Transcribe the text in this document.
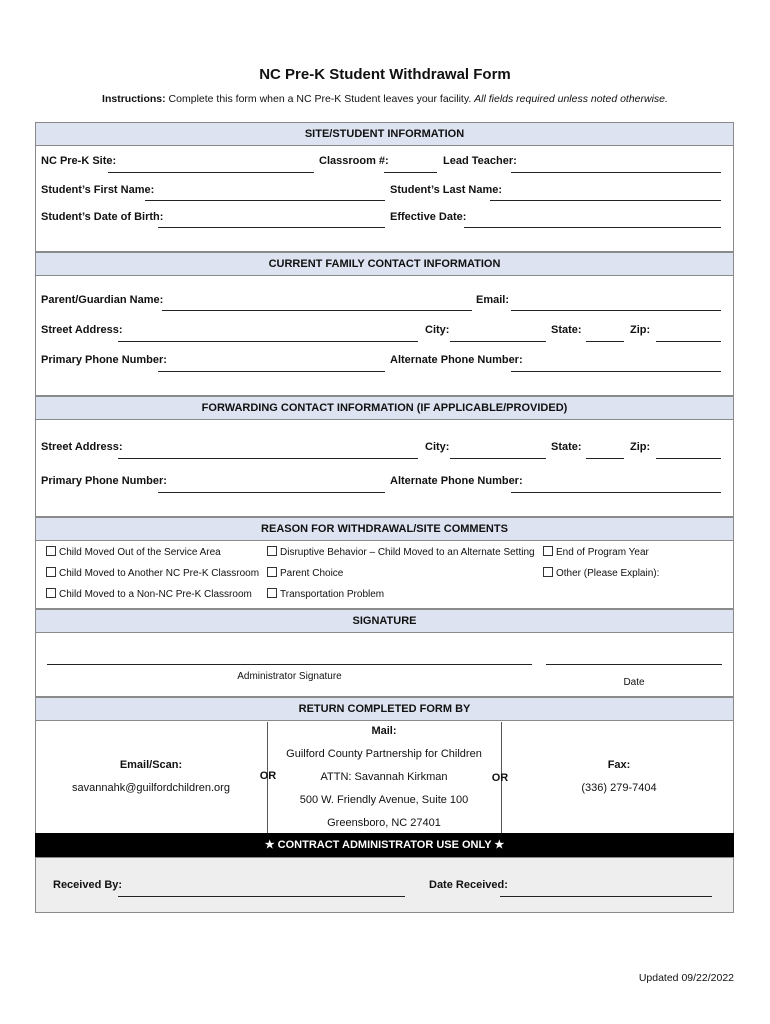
NC Pre-K Student Withdrawal Form
Instructions: Complete this form when a NC Pre-K Student leaves your facility. All fields required unless noted otherwise.
SITE/STUDENT INFORMATION
NC Pre-K Site:	Classroom #:	Lead Teacher:
Student’s First Name:	Student’s Last Name:
Student’s Date of Birth:	Effective Date:
CURRENT FAMILY CONTACT INFORMATION
Parent/Guardian Name:	Email:
Street Address:	City:	State:	Zip:
Primary Phone Number:	Alternate Phone Number:
FORWARDING CONTACT INFORMATION (IF APPLICABLE/PROVIDED)
Street Address:	City:	State:	Zip:
Primary Phone Number:	Alternate Phone Number:
REASON FOR WITHDRAWAL/SITE COMMENTS
Child Moved Out of the Service Area
Child Moved to Another NC Pre-K Classroom
Child Moved to a Non-NC Pre-K Classroom
Disruptive Behavior – Child Moved to an Alternate Setting
Parent Choice
Transportation Problem
End of Program Year
Other (Please Explain):
SIGNATURE
Administrator Signature
Date
RETURN COMPLETED FORM BY
Email/Scan:
savannahk@guilfordchildren.org
OR
Mail:
Guilford County Partnership for Children
ATTN: Savannah Kirkman
500 W. Friendly Avenue, Suite 100
Greensboro, NC 27401
OR
Fax:
(336) 279-7404
★ CONTRACT ADMINISTRATOR USE ONLY ★
Received By:	Date Received:
Updated 09/22/2022
